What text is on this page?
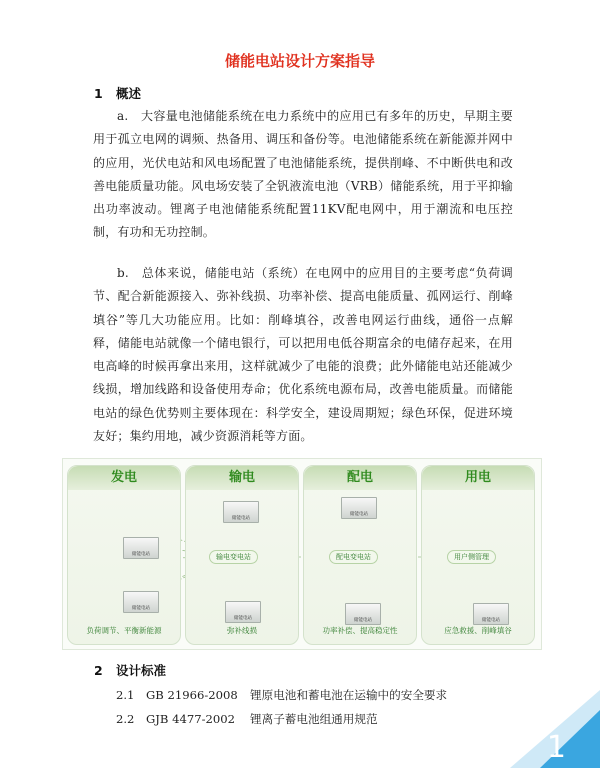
储能电站设计方案指导
1 概述
a.　大容量电池储能系统在电力系统中的应用已有多年的历史，早期主要用于孤立电网的调频、热备用、调压和备份等。电池储能系统在新能源并网中的应用，光伏电站和风电场配置了电池储能系统，提供削峰、不中断供电和改善电能质量功能。风电场安装了全钒液流电池（VRB）储能系统，用于平抑输出功率波动。锂离子电池储能系统配置11KV配电网中，用于潮流和电压控制，有功和无功控制。
b.　总体来说，储能电站（系统）在电网中的应用目的主要考虑“负荷调节、配合新能源接入、弥补线损、功率补偿、提高电能质量、孤网运行、削峰填谷”等几大功能应用。比如：削峰填谷，改善电网运行曲线，通俗一点解释，储能电站就像一个储电银行，可以把用电低谷期富余的电储存起来，在用电高峰的时候再拿出来用，这样就减少了电能的浪费；此外储能电站还能减少线损，增加线路和设备使用寿命；优化系统电源布局，改善电能质量。而储能电站的绿色优势则主要体现在：科学安全，建设周期短；绿色环保，促进环境友好；集约用地，减少资源消耗等方面。
发电
负荷调节、平衡新能源
输电
弥补线损
配电
功率补偿、提高稳定性
用电
应急救援、削峰填谷
储能电站
储能电站
储能电站
储能电站
储能电站
储能电站	储能电站
输电变电站	配电变电站	用户侧管理
2 设计标准
2.1 GB 21966-2008 锂原电池和蓄电池在运输中的安全要求
2.2 GJB 4477-2002 锂离子蓄电池组通用规范
1
